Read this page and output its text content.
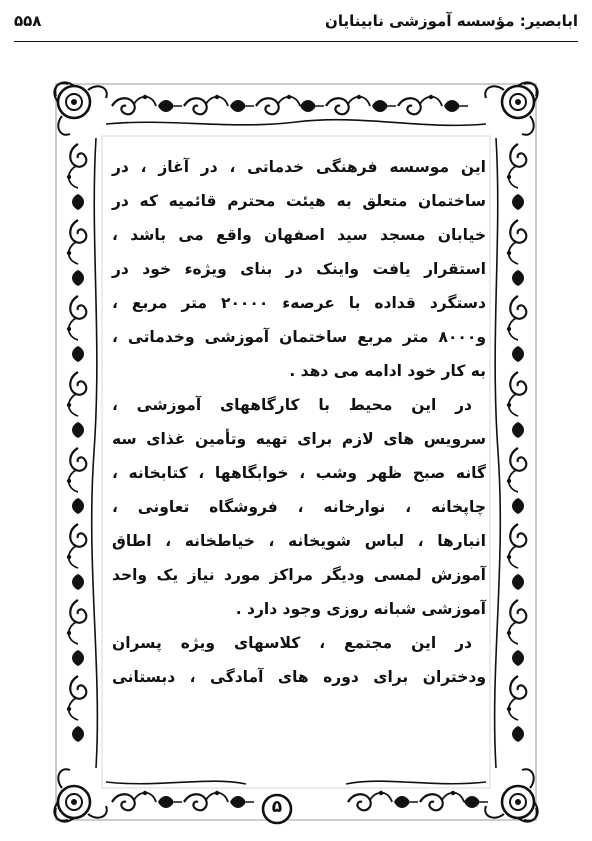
ابابصیر: مؤسسه آموزشی نابینایان
۵۵۸
این موسسه فرهنگی خدماتی ، در آغاز ، در
ساختمان متعلق به هیئت محترم قائمیه که در
خیابان مسجد سید اصفهان واقع می باشد ،
استقرار یافت واینک در بنای ویژه‌ء خود در
دستگرد قداده با عرصه‌ء ۲۰۰۰۰ متر مربع ،
و۸۰۰۰ متر مربع ساختمان آموزشی وخدماتی ،
به کار خود ادامه می دهد .
در این محیط با کارگاههای آموزشی ،
سرویس های لازم برای تهیه وتأمین غذای سه
گانه صبح ظهر وشب ، خوابگاهها ، کتابخانه ،
چاپخانه ، نوارخانه ، فروشگاه تعاونی ،
انبارها ، لباس شویخانه ، خیاطخانه ، اطاق
آموزش لمسی ودیگر مراکز مورد نیاز یک واحد
آموزشی شبانه روزی وجود دارد .
در این مجتمع ، کلاسهای ویژه پسران
ودختران برای دوره های آمادگی ، دبستانی
۵
